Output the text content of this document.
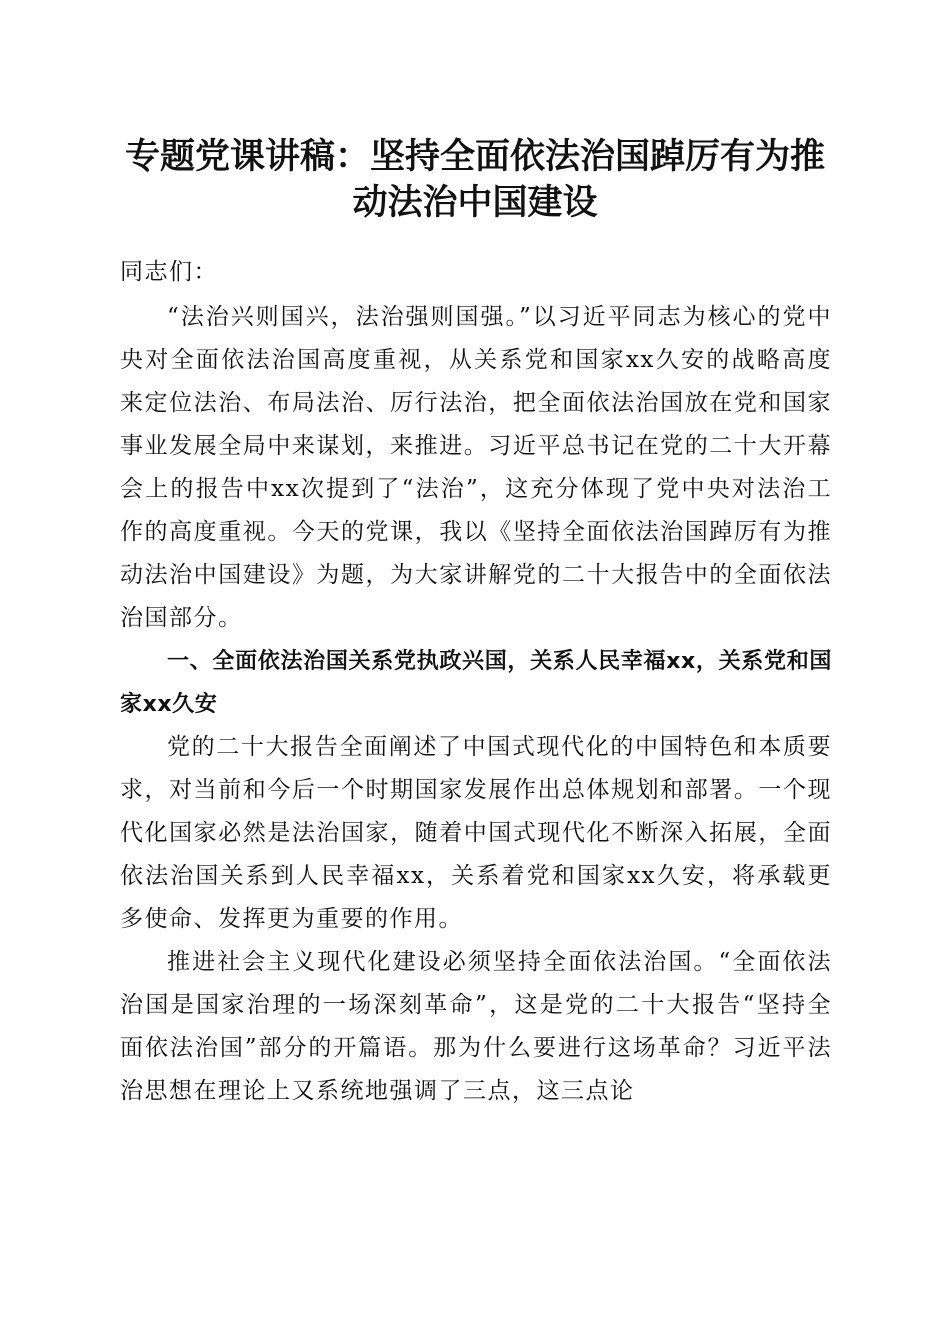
专题党课讲稿：坚持全面依法治国踔厉有为推
动法治中国建设

同志们：

“法治兴则国兴，法治强则国强。”以习近平同志为核心的党中央对全面依法治国高度重视，从关系党和国家xx久安的战略高度来定位法治、布局法治、厉行法治，把全面依法治国放在党和国家事业发展全局中来谋划，来推进。习近平总书记在党的二十大开幕会上的报告中xx次提到了“法治”，这充分体现了党中央对法治工作的高度重视。今天的党课，我以《坚持全面依法治国踔厉有为推动法治中国建设》为题，为大家讲解党的二十大报告中的全面依法治国部分。

一、全面依法治国关系党执政兴国，关系人民幸福xx，关系党和国家xx久安

党的二十大报告全面阐述了中国式现代化的中国特色和本质要求，对当前和今后一个时期国家发展作出总体规划和部署。一个现代化国家必然是法治国家，随着中国式现代化不断深入拓展，全面依法治国关系到人民幸福xx，关系着党和国家xx久安，将承载更多使命、发挥更为重要的作用。

推进社会主义现代化建设必须坚持全面依法治国。“全面依法治国是国家治理的一场深刻革命”，这是党的二十大报告“坚持全面依法治国”部分的开篇语。那为什么要进行这场革命？习近平法治思想在理论上又系统地强调了三点，这三点论
